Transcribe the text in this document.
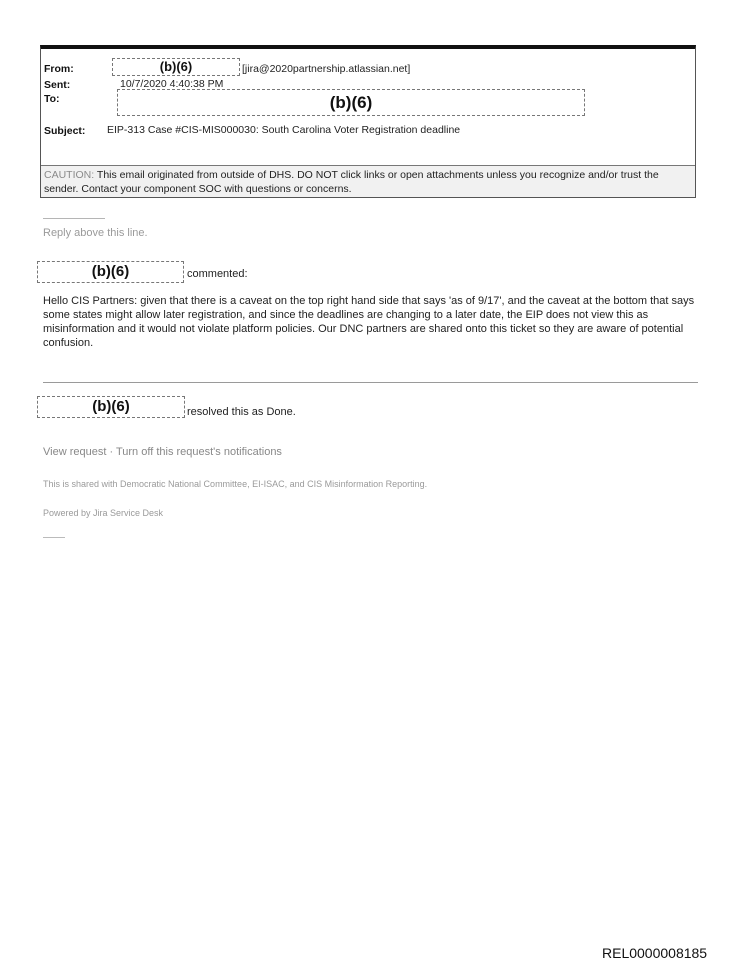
From:	(b)(6)	[jira@2020partnership.atlassian.net]
Sent:	10/7/2020 4:40:38 PM
To:	(b)(6)
Subject: EIP-313 Case #CIS-MIS000030: South Carolina Voter Registration deadline
CAUTION: This email originated from outside of DHS. DO NOT click links or open attachments unless you recognize and/or trust the sender. Contact your component SOC with questions or concerns.
Reply above this line.
(b)(6)	commented:
Hello CIS Partners: given that there is a caveat on the top right hand side that says 'as of 9/17', and the caveat at the bottom that says some states might allow later registration, and since the deadlines are changing to a later date, the EIP does not view this as misinformation and it would not violate platform policies. Our DNC partners are shared onto this ticket so they are aware of potential confusion.
(b)(6)	resolved this as Done.
View request · Turn off this request's notifications
This is shared with Democratic National Committee, EI-ISAC, and CIS Misinformation Reporting.
Powered by Jira Service Desk
REL0000008185
